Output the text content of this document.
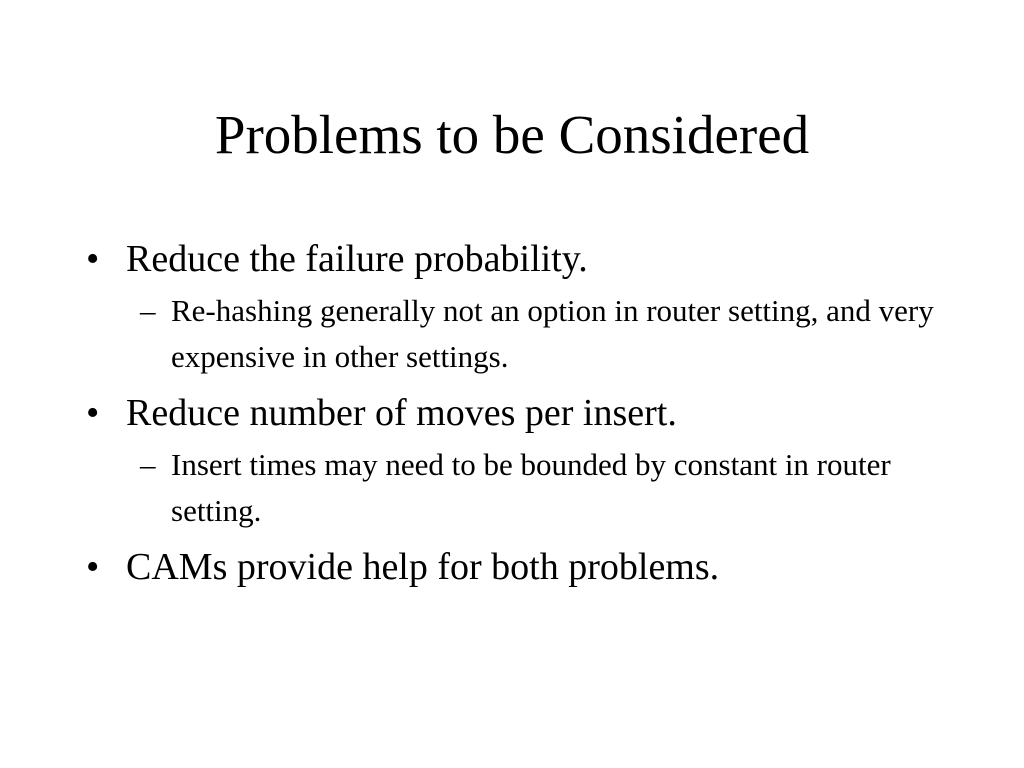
Problems to be Considered
• Reduce the failure probability.
– Re-hashing generally not an option in router setting, and very expensive in other settings.
• Reduce number of moves per insert.
– Insert times may need to be bounded by constant in router setting.
• CAMs provide help for both problems.
